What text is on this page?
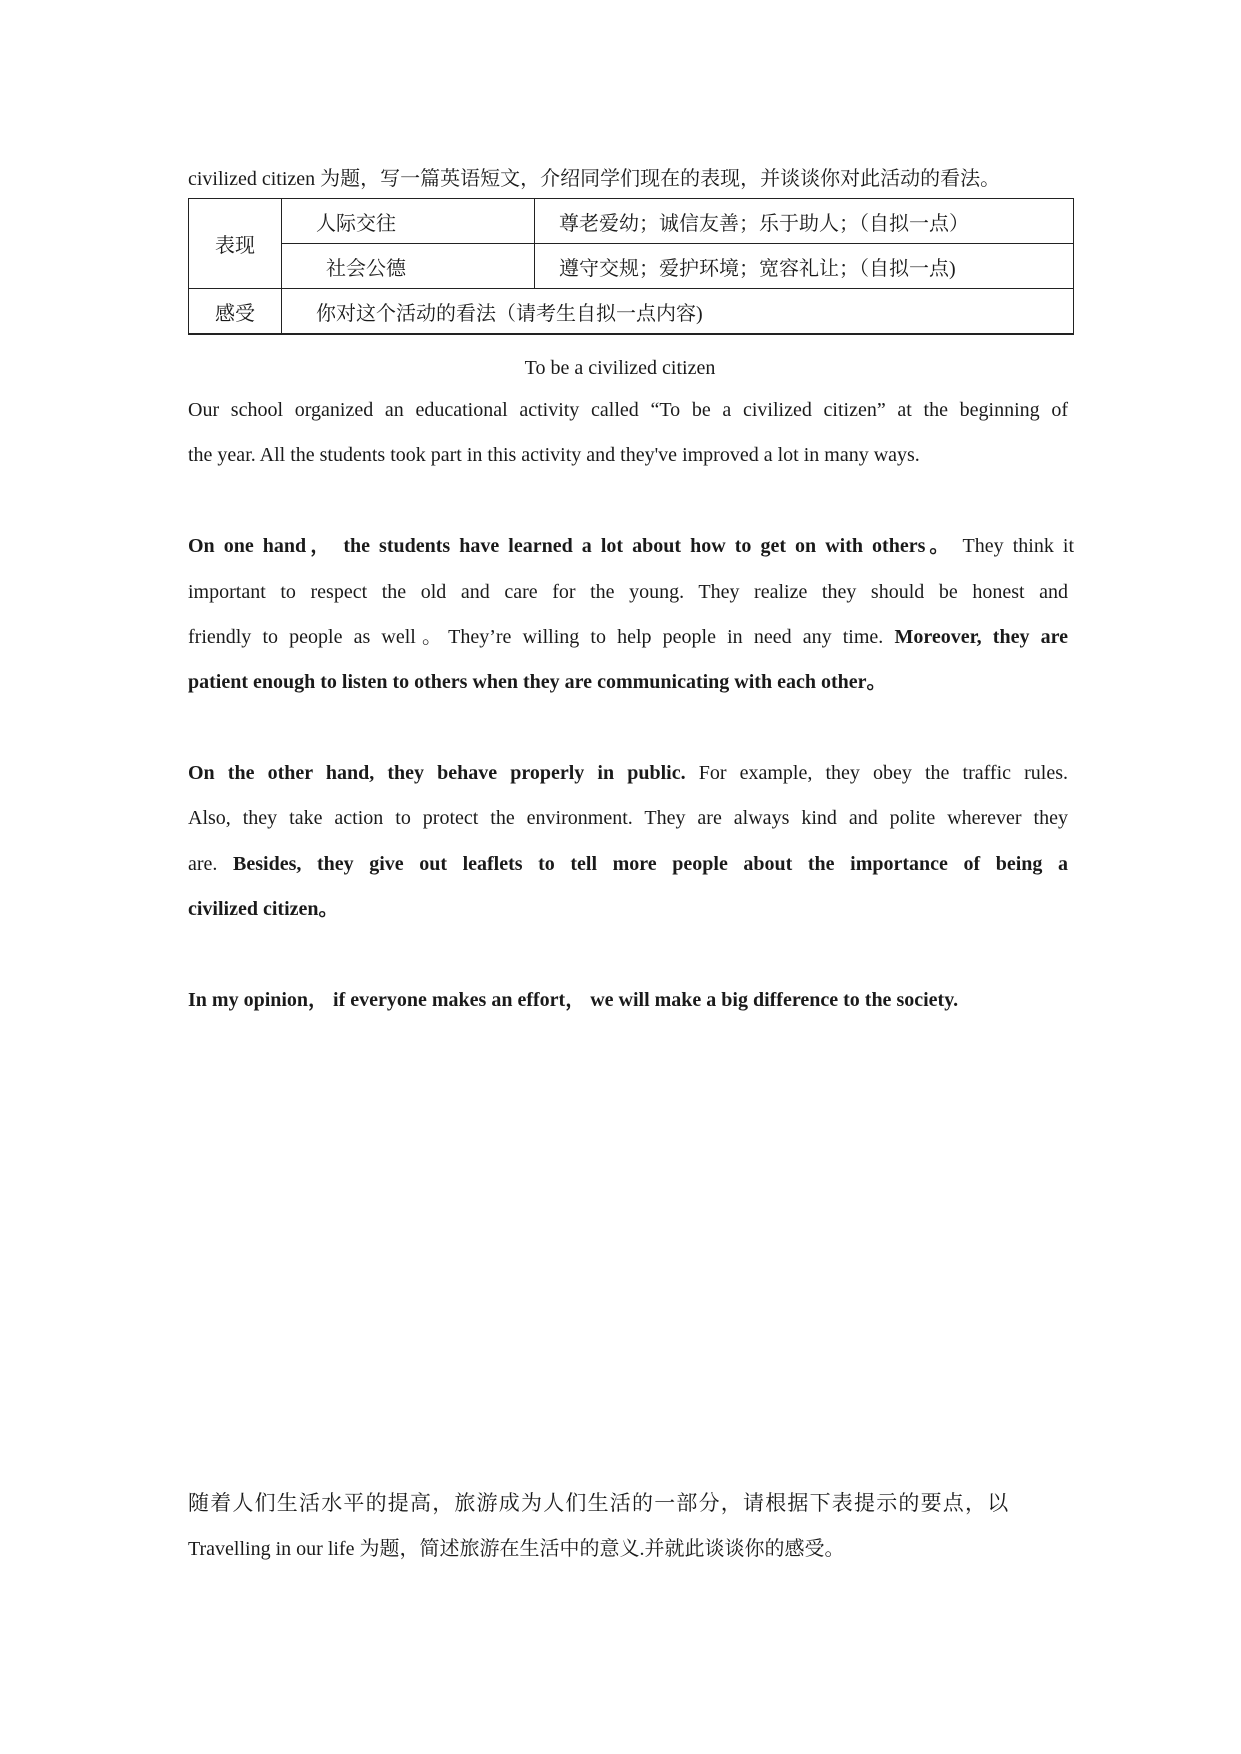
civilized citizen 为题，写一篇英语短文，介绍同学们现在的表现，并谈谈你对此活动的看法。
表现	人际交往	尊老爱幼；诚信友善；乐于助人；（自拟一点）
	社会公德	遵守交规；爱护环境；宽容礼让；（自拟一点)
感受	你对这个活动的看法（请考生自拟一点内容)	
To be a civilized citizen
Our school organized an educational activity called “To be a civilized citizen” at the beginning of
the year. All the students took part in this activity and they've improved a lot in many ways.
On one hand， the students have learned a lot about how to get on with others。 They think it
important to respect the old and care for the young. They realize they should be honest and
friendly to people as well。They’re willing to help people in need any time. Moreover, they are
patient enough to listen to others when they are communicating with each other。
On the other hand, they behave properly in public. For example, they obey the traffic rules.
Also, they take action to protect the environment. They are always kind and polite wherever they
are. Besides, they give out leaflets to tell more people about the importance of being a
civilized citizen。
In my opinion， if everyone makes an effort， we will make a big difference to the society.
随着人们生活水平的提高，旅游成为人们生活的一部分，请根据下表提示的要点，以
Travelling in our life 为题，简述旅游在生活中的意义.并就此谈谈你的感受。
